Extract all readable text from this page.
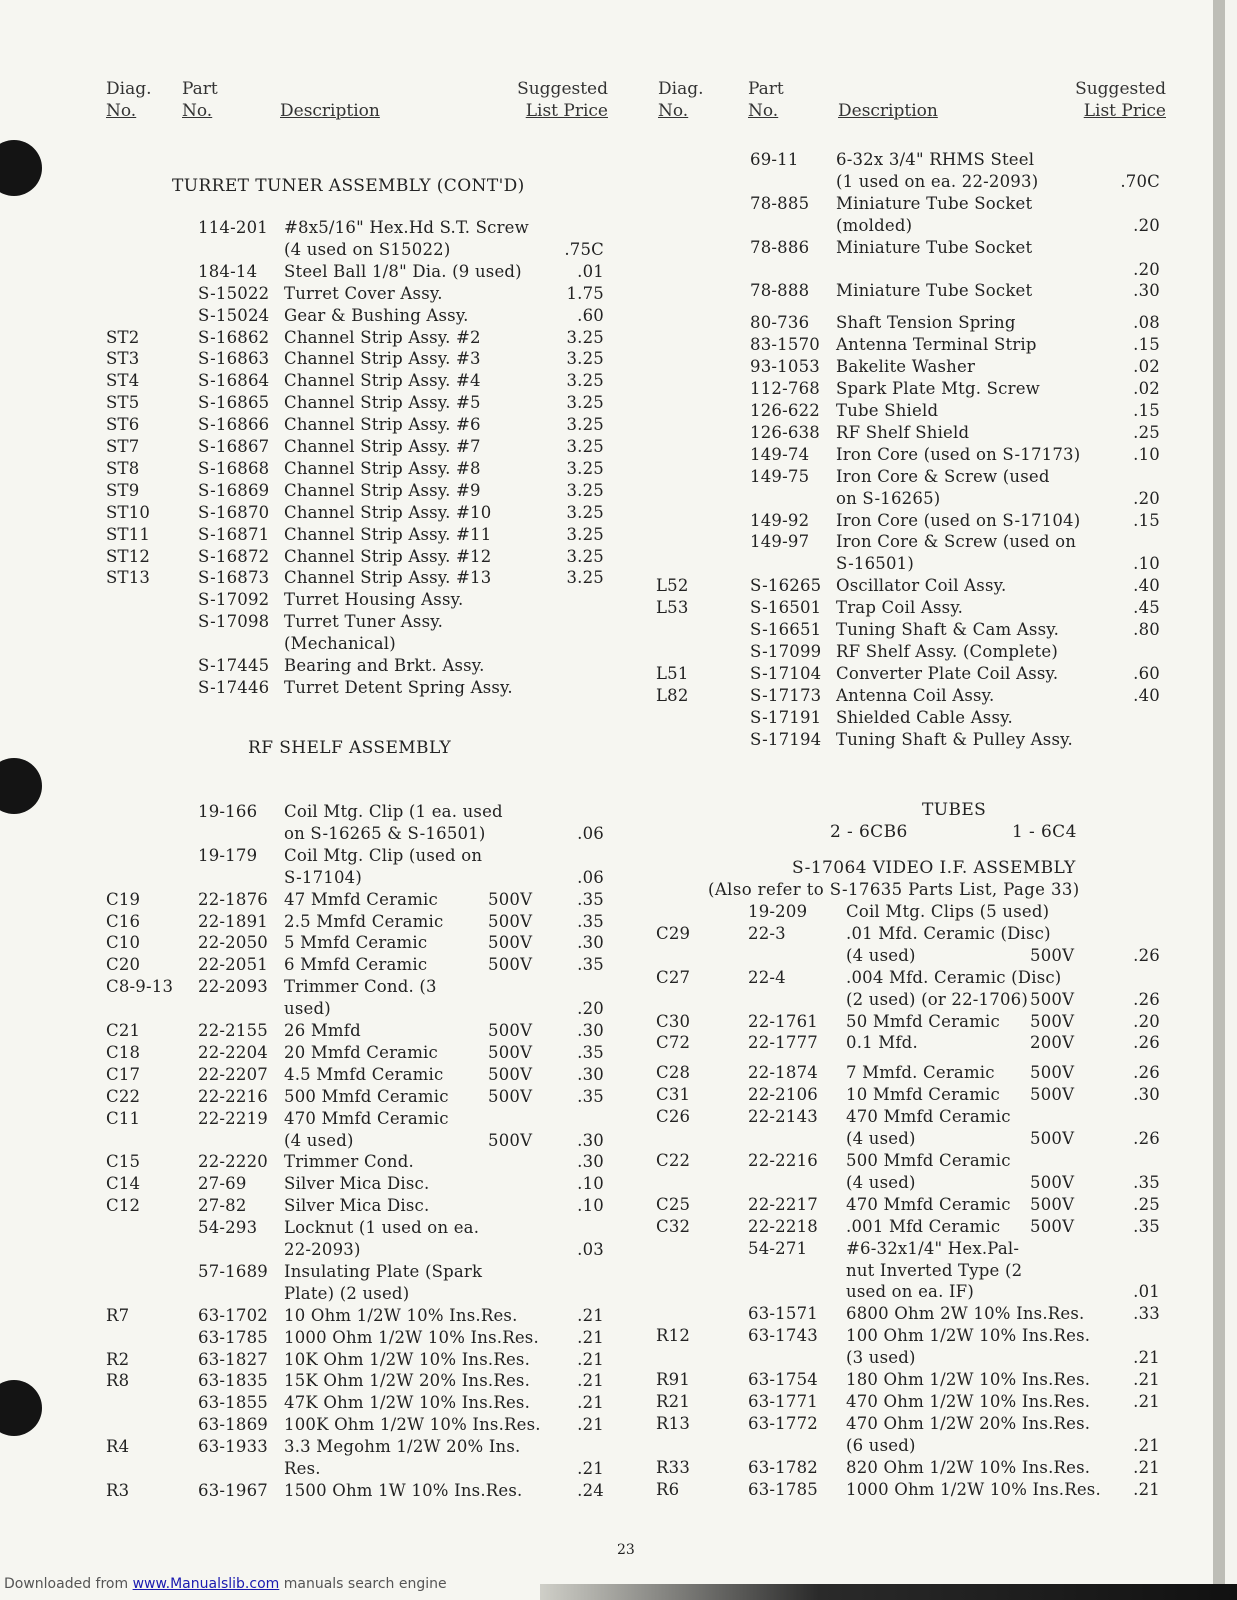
Diag.
No.
Part
No.	Description
Suggested
List Price
Diag.
No.
Part
No.	Description
Suggested
List Price
TURRET TUNER ASSEMBLY (CONT'D)
RF SHELF ASSEMBLY
TUBES
2 - 6CB6	1 - 6C4
S-17064 VIDEO I.F. ASSEMBLY
(Also refer to S-17635 Parts List, Page 33)
114-201 #8x5/16" Hex.Hd S.T. Screw
(4 used on S15022)	.75C
184-14 Steel Ball 1/8" Dia. (9 used)	.01
S-15022 Turret Cover Assy.	1.75
S-15024 Gear & Bushing Assy.	.60
ST2	S-16862 Channel Strip Assy. #2	3.25
ST3	S-16863 Channel Strip Assy. #3	3.25
ST4	S-16864 Channel Strip Assy. #4	3.25
ST5	S-16865 Channel Strip Assy. #5	3.25
ST6	S-16866 Channel Strip Assy. #6	3.25
ST7	S-16867 Channel Strip Assy. #7	3.25
ST8	S-16868 Channel Strip Assy. #8	3.25
ST9	S-16869 Channel Strip Assy. #9	3.25
ST10	S-16870 Channel Strip Assy. #10	3.25
ST11	S-16871 Channel Strip Assy. #11	3.25
ST12	S-16872 Channel Strip Assy. #12	3.25
ST13	S-16873 Channel Strip Assy. #13	3.25
S-17092 Turret Housing Assy.
S-17098 Turret Tuner Assy.
(Mechanical)
S-17445 Bearing and Brkt. Assy.
S-17446 Turret Detent Spring Assy.
19-166 Coil Mtg. Clip (1 ea. used
on S-16265 & S-16501)	.06
19-179 Coil Mtg. Clip (used on
S-17104)	.06
C19	22-1876 47 Mmfd Ceramic	500V	.35
C16	22-1891 2.5 Mmfd Ceramic	500V	.35
C10	22-2050 5 Mmfd Ceramic	500V	.30
C20	22-2051 6 Mmfd Ceramic	500V	.35
C8-9-13 22-2093 Trimmer Cond. (3
used)	.20
C21	22-2155 26 Mmfd	500V	.30
C18	22-2204 20 Mmfd Ceramic	500V	.35
C17	22-2207 4.5 Mmfd Ceramic	500V	.30
C22	22-2216 500 Mmfd Ceramic 500V	.35
C11	22-2219 470 Mmfd Ceramic
(4 used)	500V	.30
C15	22-2220 Trimmer Cond.	.30
C14	27-69 Silver Mica Disc.	.10
C12	27-82 Silver Mica Disc.	.10
54-293 Locknut (1 used on ea.
22-2093)	.03
57-1689 Insulating Plate (Spark
Plate) (2 used)
R7	63-1702 10 Ohm 1/2W 10% Ins.Res.	.21
63-1785 1000 Ohm 1/2W 10% Ins.Res.	.21
R2	63-1827 10K Ohm 1/2W 10% Ins.Res.	.21
R8	63-1835 15K Ohm 1/2W 20% Ins.Res.	.21
63-1855 47K Ohm 1/2W 10% Ins.Res.	.21
63-1869 100K Ohm 1/2W 10% Ins.Res.	.21
R4	63-1933 3.3 Megohm 1/2W 20% Ins.
Res.	.21
R3	63-1967 1500 Ohm 1W 10% Ins.Res.	.24
69-11 6-32x 3/4" RHMS Steel
(1 used on ea. 22-2093)	.70C
78-885 Miniature Tube Socket
(molded)	.20
78-886 Miniature Tube Socket
.20
78-888 Miniature Tube Socket	.30
80-736 Shaft Tension Spring	.08
83-1570 Antenna Terminal Strip	.15
93-1053 Bakelite Washer	.02
112-768 Spark Plate Mtg. Screw	.02
126-622 Tube Shield	.15
126-638 RF Shelf Shield	.25
149-74 Iron Core (used on S-17173)	.10
149-75 Iron Core & Screw (used
on S-16265)	.20
149-92 Iron Core (used on S-17104)	.15
149-97 Iron Core & Screw (used on
S-16501)	.10
L52	S-16265 Oscillator Coil Assy.	.40
L53	S-16501 Trap Coil Assy.	.45
S-16651 Tuning Shaft & Cam Assy.	.80
S-17099 RF Shelf Assy. (Complete)
L51	S-17104 Converter Plate Coil Assy.	.60
L82	S-17173 Antenna Coil Assy.	.40
S-17191 Shielded Cable Assy.
S-17194 Tuning Shaft & Pulley Assy.
19-209 Coil Mtg. Clips (5 used)
C29	22-3	.01 Mfd. Ceramic (Disc)
(4 used)	500V	.26
C27	22-4	.004 Mfd. Ceramic (Disc)
(2 used) (or 22-1706) 500V	.26
C30	22-1761 50 Mmfd Ceramic 500V	.20
C72	22-1777 0.1 Mfd.	200V	.26
C28	22-1874 7 Mmfd. Ceramic 500V	.26
C31	22-2106 10 Mmfd Ceramic 500V	.30
C26	22-2143 470 Mmfd Ceramic
(4 used)	500V	.26
C22	22-2216 500 Mmfd Ceramic
(4 used)	500V	.35
C25	22-2217 470 Mmfd Ceramic 500V	.25
C32	22-2218 .001 Mfd Ceramic 500V	.35
54-271 #6-32x1/4" Hex.Pal-
nut Inverted Type (2
used on ea. IF)	.01
63-1571 6800 Ohm 2W 10% Ins.Res.	.33
R12	63-1743 100 Ohm 1/2W 10% Ins.Res.
(3 used)	.21
R91	63-1754 180 Ohm 1/2W 10% Ins.Res.	.21
R21	63-1771 470 Ohm 1/2W 10% Ins.Res.	.21
R13	63-1772 470 Ohm 1/2W 20% Ins.Res.
(6 used)	.21
R33	63-1782 820 Ohm 1/2W 10% Ins.Res.	.21
R6	63-1785 1000 Ohm 1/2W 10% Ins.Res.	.21
23
Downloaded from www.Manualslib.com manuals search engine
